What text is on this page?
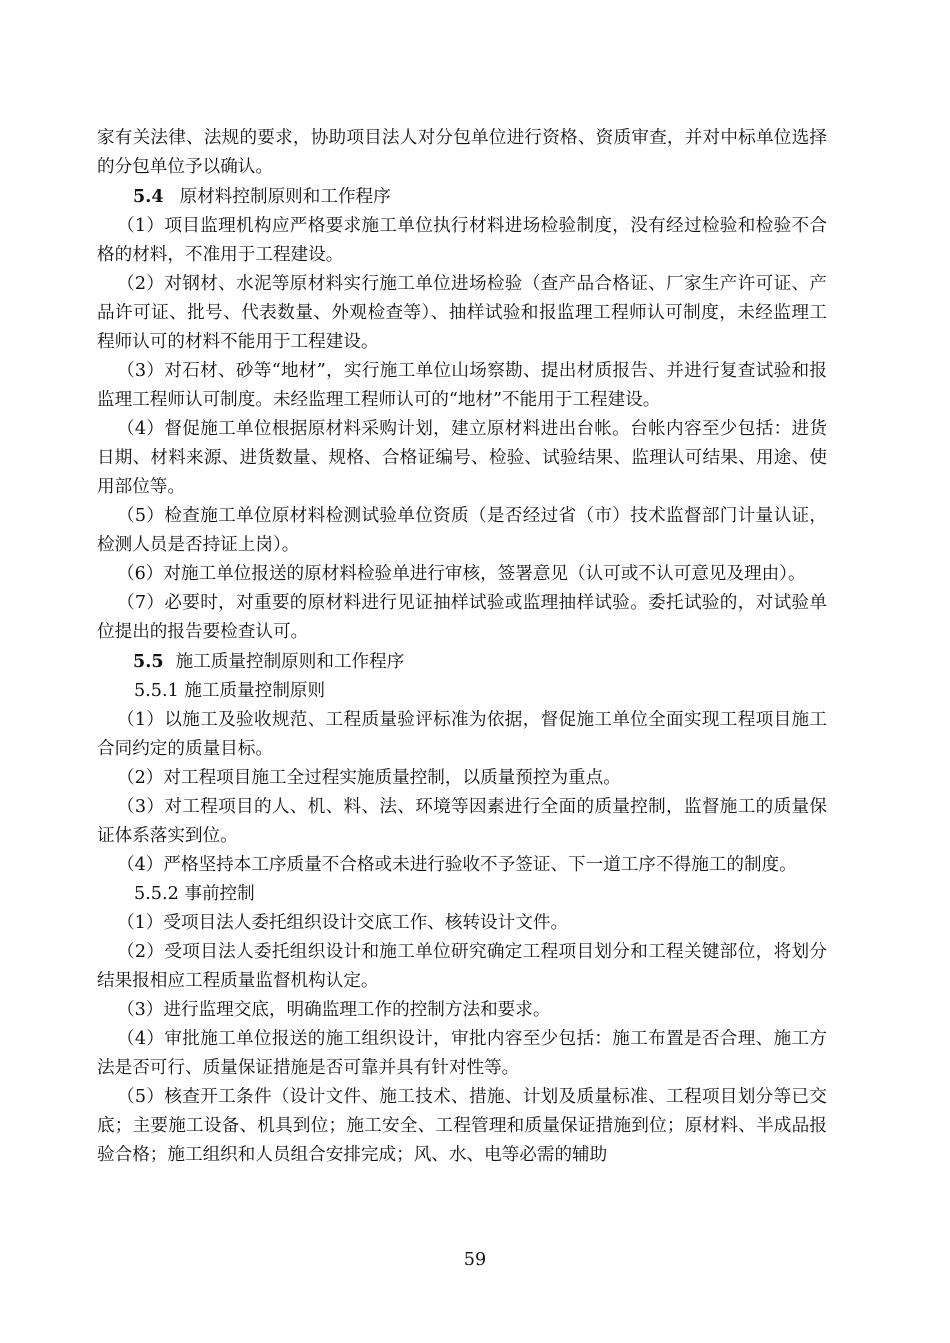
家有关法律、法规的要求，协助项目法人对分包单位进行资格、资质审查，并对中标单位选择的分包单位予以确认。

5.4 原材料控制原则和工作程序

（1）项目监理机构应严格要求施工单位执行材料进场检验制度，没有经过检验和检验不合格的材料，不准用于工程建设。

（2）对钢材、水泥等原材料实行施工单位进场检验（查产品合格证、厂家生产许可证、产品许可证、批号、代表数量、外观检查等）、抽样试验和报监理工程师认可制度，未经监理工程师认可的材料不能用于工程建设。

（3）对石材、砂等“地材”，实行施工单位山场察勘、提出材质报告、并进行复查试验和报监理工程师认可制度。未经监理工程师认可的“地材”不能用于工程建设。

（4）督促施工单位根据原材料采购计划，建立原材料进出台帐。台帐内容至少包括：进货日期、材料来源、进货数量、规格、合格证编号、检验、试验结果、监理认可结果、用途、使用部位等。

（5）检查施工单位原材料检测试验单位资质（是否经过省（市）技术监督部门计量认证，检测人员是否持证上岗）。

（6）对施工单位报送的原材料检验单进行审核，签署意见（认可或不认可意见及理由）。

（7）必要时，对重要的原材料进行见证抽样试验或监理抽样试验。委托试验的，对试验单位提出的报告要检查认可。

5.5 施工质量控制原则和工作程序

5.5.1 施工质量控制原则

（1）以施工及验收规范、工程质量验评标准为依据，督促施工单位全面实现工程项目施工合同约定的质量目标。

（2）对工程项目施工全过程实施质量控制，以质量预控为重点。

（3）对工程项目的人、机、料、法、环境等因素进行全面的质量控制，监督施工的质量保证体系落实到位。

（4）严格坚持本工序质量不合格或未进行验收不予签证、下一道工序不得施工的制度。

5.5.2 事前控制

（1）受项目法人委托组织设计交底工作、核转设计文件。

（2）受项目法人委托组织设计和施工单位研究确定工程项目划分和工程关键部位，将划分结果报相应工程质量监督机构认定。

（3）进行监理交底，明确监理工作的控制方法和要求。

（4）审批施工单位报送的施工组织设计，审批内容至少包括：施工布置是否合理、施工方法是否可行、质量保证措施是否可靠并具有针对性等。

（5）核查开工条件（设计文件、施工技术、措施、计划及质量标准、工程项目划分等已交底；主要施工设备、机具到位；施工安全、工程管理和质量保证措施到位；原材料、半成品报验合格；施工组织和人员组合安排完成；风、水、电等必需的辅助

59
